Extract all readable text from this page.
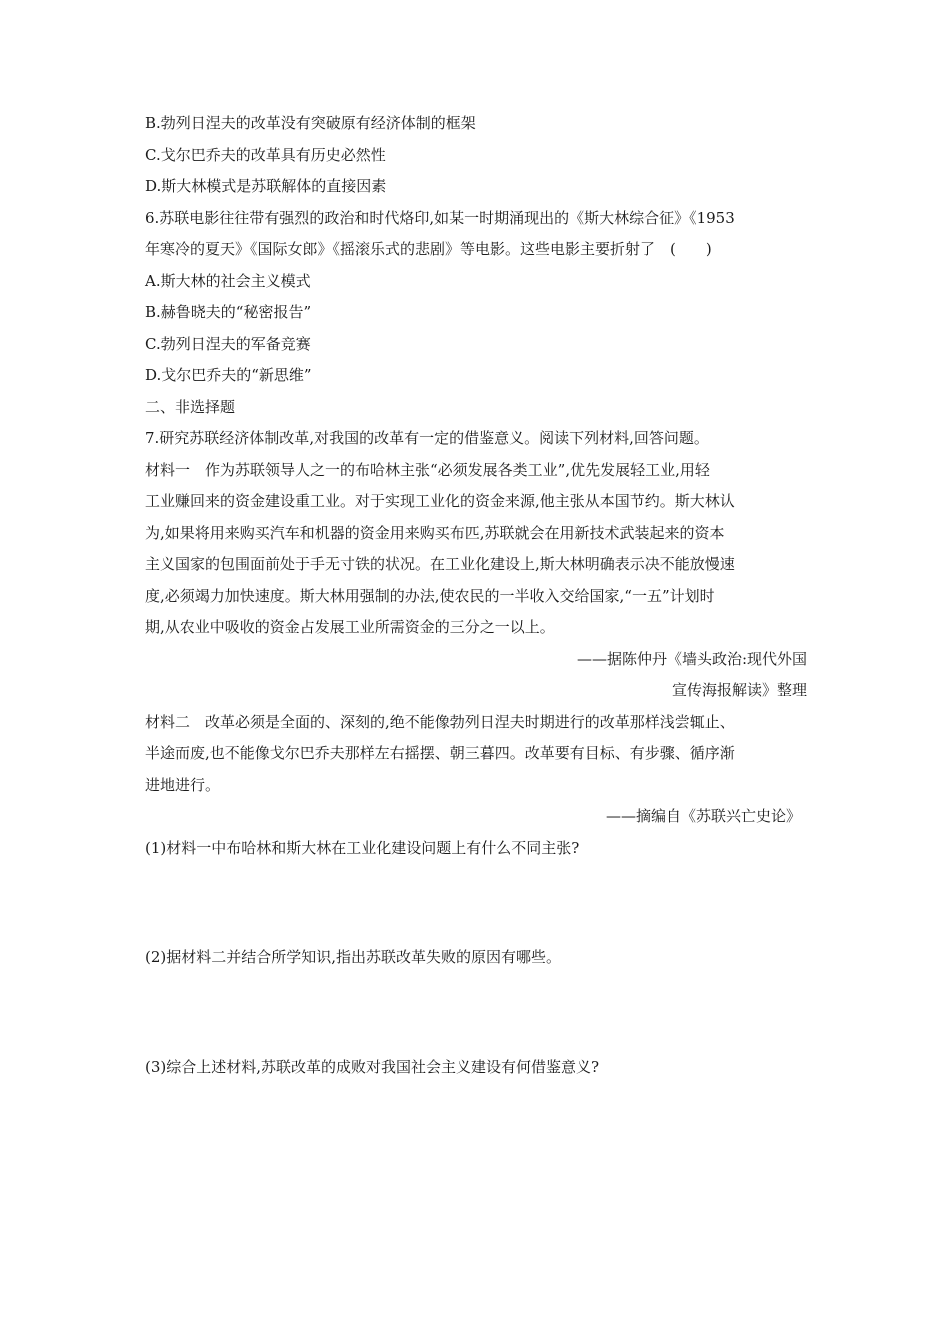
B.勃列日涅夫的改革没有突破原有经济体制的框架
C.戈尔巴乔夫的改革具有历史必然性
D.斯大林模式是苏联解体的直接因素
6.苏联电影往往带有强烈的政治和时代烙印,如某一时期涌现出的《斯大林综合征》《1953
年寒冷的夏天》《国际女郎》《摇滚乐式的悲剧》等电影。这些电影主要折射了　(　　)
A.斯大林的社会主义模式
B.赫鲁晓夫的“秘密报告”
C.勃列日涅夫的军备竞赛
D.戈尔巴乔夫的“新思维”
二、非选择题
7.研究苏联经济体制改革,对我国的改革有一定的借鉴意义。阅读下列材料,回答问题。
材料一　作为苏联领导人之一的布哈林主张“必须发展各类工业”,优先发展轻工业,用轻
工业赚回来的资金建设重工业。对于实现工业化的资金来源,他主张从本国节约。斯大林认
为,如果将用来购买汽车和机器的资金用来购买布匹,苏联就会在用新技术武装起来的资本
主义国家的包围面前处于手无寸铁的状况。在工业化建设上,斯大林明确表示决不能放慢速
度,必须竭力加快速度。斯大林用强制的办法,使农民的一半收入交给国家,“一五”计划时
期,从农业中吸收的资金占发展工业所需资金的三分之一以上。
——据陈仲丹《墙头政治:现代外国
宣传海报解读》整理
材料二　改革必须是全面的、深刻的,绝不能像勃列日涅夫时期进行的改革那样浅尝辄止、
半途而废,也不能像戈尔巴乔夫那样左右摇摆、朝三暮四。改革要有目标、有步骤、循序渐
进地进行。
——摘编自《苏联兴亡史论》
(1)材料一中布哈林和斯大林在工业化建设问题上有什么不同主张?
(2)据材料二并结合所学知识,指出苏联改革失败的原因有哪些。
(3)综合上述材料,苏联改革的成败对我国社会主义建设有何借鉴意义?
